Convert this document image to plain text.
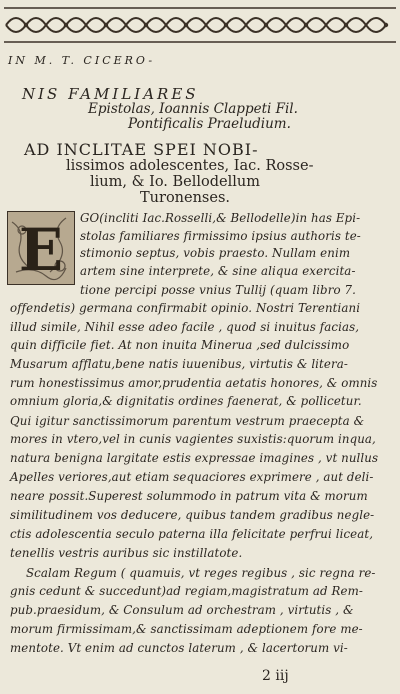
IN M. T. CICERO-
NIS FAMILIARES
Epistolas, Ioannis Clappeti Fil.
Pontificalis Praeludium.
AD INCLITAE SPEI NOBI-
lissimos adolescentes, Iac. Rosse-
lium, & Io. Bellodellum
Turonenses.
E GO(incliti Iac.Rosselli,& Bellodelle)in has Epi-
stolas familiares firmissimo ipsius authoris te-
stimonio septus, vobis praesto. Nullam enim
artem sine interprete, & sine aliqua exercita-
tione percipi posse vnius Tullij (quam libro 7.
offendetis) germana confirmabit opinio. Nostri Terentiani
illud simile, Nihil esse adeo facile , quod si inuitus facias,
quin difficile fiet. At non inuita Minerua ,sed dulcissimo
Musarum afflatu,bene natis iuuenibus, virtutis & litera-
rum honestissimus amor,prudentia aetatis honores, & omnis
omnium gloria,& dignitatis ordines faenerat, & pollicetur.
Qui igitur sanctissimorum parentum vestrum praecepta &
mores in vtero,vel in cunis vagientes suxistis:quorum inqua,
natura benigna largitate estis expressae imagines , vt nullus
Apelles veriores,aut etiam sequaciores exprimere , aut deli-
neare possit.Superest solummodo in patrum vita & morum
similitudinem vos deducere, quibus tandem gradibus negle-
ctis adolescentia seculo paterna illa felicitate perfrui liceat,
tenellis vestris auribus sic instillatote.
Scalam Regum ( quamuis, vt reges regibus , sic regna re-
gnis cedunt & succedunt)ad regiam,magistratum ad Rem-
pub.praesidum, & Consulum ad orchestram , virtutis , &
morum firmissimam,& sanctissimam adeptionem fore me-
mentote. Vt enim ad cunctos laterum , & lacertorum vi-
2 iij
